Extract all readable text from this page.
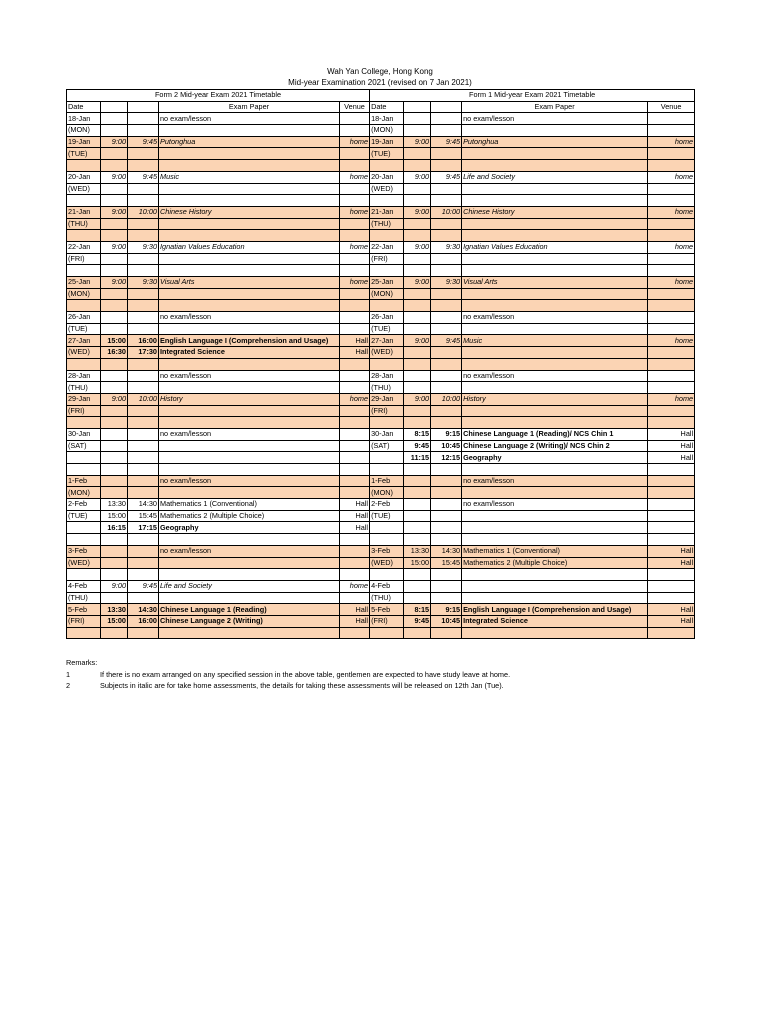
Wah Yan College, Hong Kong
Mid-year Examination 2021 (revised on 7 Jan 2021)
Form 2 Mid-year Exam 2021 Timetable					Form 1 Mid-year Exam 2021 Timetable				
Date			Exam Paper	Venue	Date			Exam Paper	Venue
18-Jan			no exam/lesson		18-Jan			no exam/lesson	
(MON)					(MON)				
19-Jan	9:00	9:45	Putonghua	home	19-Jan	9:00	9:45	Putonghua	home
(TUE)					(TUE)				

20-Jan	9:00	9:45	Music	home	20-Jan	9:00	9:45	Life and Society	home
(WED)					(WED)				

21-Jan	9:00	10:00	Chinese History	home	21-Jan	9:00	10:00	Chinese History	home
(THU)					(THU)				

22-Jan	9:00	9:30	Ignatian Values Education	home	22-Jan	9:00	9:30	Ignatian Values Education	home
(FRI)					(FRI)				

25-Jan	9:00	9:30	Visual Arts	home	25-Jan	9:00	9:30	Visual Arts	home
(MON)					(MON)				

26-Jan			no exam/lesson		26-Jan			no exam/lesson	
(TUE)					(TUE)				
27-Jan	15:00	16:00	English Language I (Comprehension and Usage)	Hall	27-Jan	9:00	9:45	Music	home
(WED)	16:30	17:30	Integrated Science	Hall	(WED)				

28-Jan			no exam/lesson		28-Jan			no exam/lesson	
(THU)					(THU)				
29-Jan	9:00	10:00	History	home	29-Jan	9:00	10:00	History	home
(FRI)					(FRI)				

30-Jan			no exam/lesson		30-Jan	8:15	9:15	Chinese Language 1 (Reading)/ NCS Chin 1	Hall
(SAT)					(SAT)	9:45	10:45	Chinese Language 2 (Writing)/ NCS Chin 2	Hall
						11:15	12:15	Geography	Hall

1-Feb			no exam/lesson		1-Feb			no exam/lesson	
(MON)					(MON)				
2-Feb	13:30	14:30	Mathematics 1 (Conventional)	Hall	2-Feb			no exam/lesson	
(TUE)	15:00	15:45	Mathematics 2 (Multiple Choice)	Hall	(TUE)				
	16:15	17:15	Geography	Hall					

3-Feb			no exam/lesson		3-Feb	13:30	14:30	Mathematics 1 (Conventional)	Hall
(WED)					(WED)	15:00	15:45	Mathematics 2 (Multiple Choice)	Hall

4-Feb	9:00	9:45	Life and Society	home	4-Feb				
(THU)					(THU)				
5-Feb	13:30	14:30	Chinese Language 1 (Reading)	Hall	5-Feb	8:15	9:15	English Language I (Comprehension and Usage)	Hall
(FRI)	15:00	16:00	Chinese Language 2 (Writing)	Hall	(FRI)	9:45	10:45	Integrated Science	Hall

Remarks:
1	If there is no exam arranged on any specified session in the above table, gentlemen are expected to have study leave at home.
2	Subjects in italic are for take home assessments, the details for taking these assessments will be released on 12th Jan (Tue).
